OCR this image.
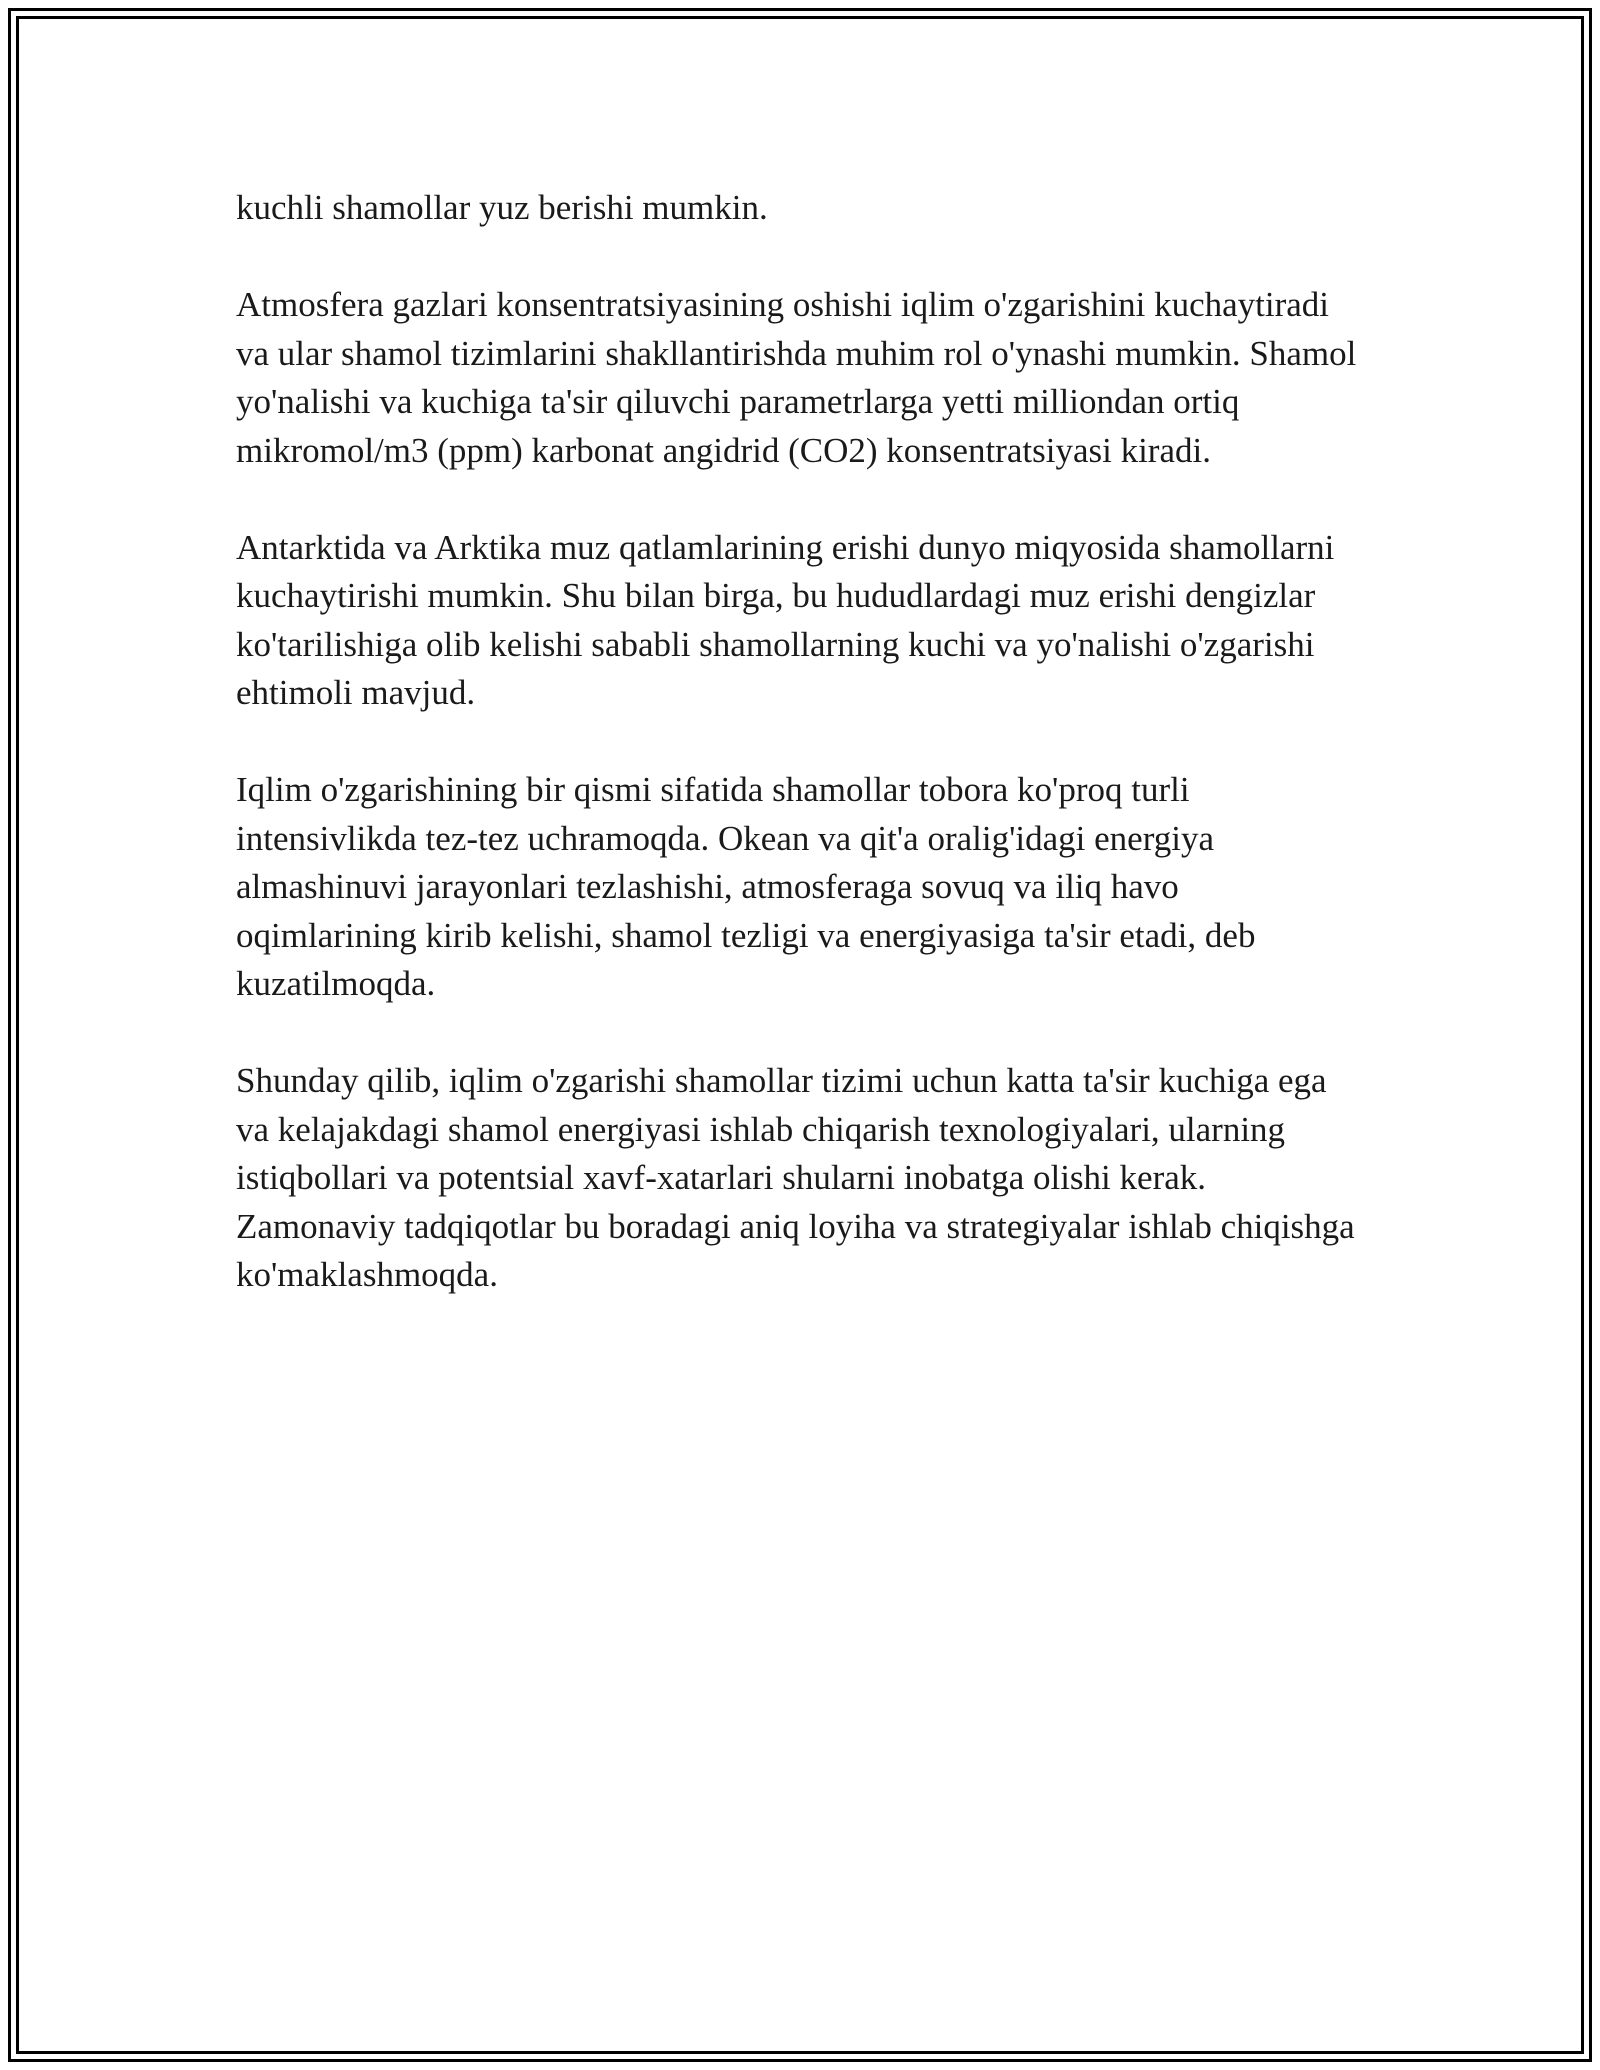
kuchli shamollar yuz berishi mumkin.

Atmosfera gazlari konsentratsiyasining oshishi iqlim o'zgarishini kuchaytiradi va ular shamol tizimlarini shakllantirishda muhim rol o'ynashi mumkin. Shamol yo'nalishi va kuchiga ta'sir qiluvchi parametrlarga yetti milliondan ortiq mikromol/m3 (ppm) karbonat angidrid (CO2) konsentratsiyasi kiradi.

Antarktida va Arktika muz qatlamlarining erishi dunyo miqyosida shamollarni kuchaytirishi mumkin. Shu bilan birga, bu hududlardagi muz erishi dengizlar ko'tarilishiga olib kelishi sababli shamollarning kuchi va yo'nalishi o'zgarishi ehtimoli mavjud.

Iqlim o'zgarishining bir qismi sifatida shamollar tobora ko'proq turli intensivlikda tez-tez uchramoqda. Okean va qit'a oralig'idagi energiya almashinuvi jarayonlari tezlashishi, atmosferaga sovuq va iliq havo oqimlarining kirib kelishi, shamol tezligi va energiyasiga ta'sir etadi, deb kuzatilmoqda.

Shunday qilib, iqlim o'zgarishi shamollar tizimi uchun katta ta'sir kuchiga ega va kelajakdagi shamol energiyasi ishlab chiqarish texnologiyalari, ularning istiqbollari va potentsial xavf-xatarlari shularni inobatga olishi kerak. Zamonaviy tadqiqotlar bu boradagi aniq loyiha va strategiyalar ishlab chiqishga ko'maklashmoqda.
